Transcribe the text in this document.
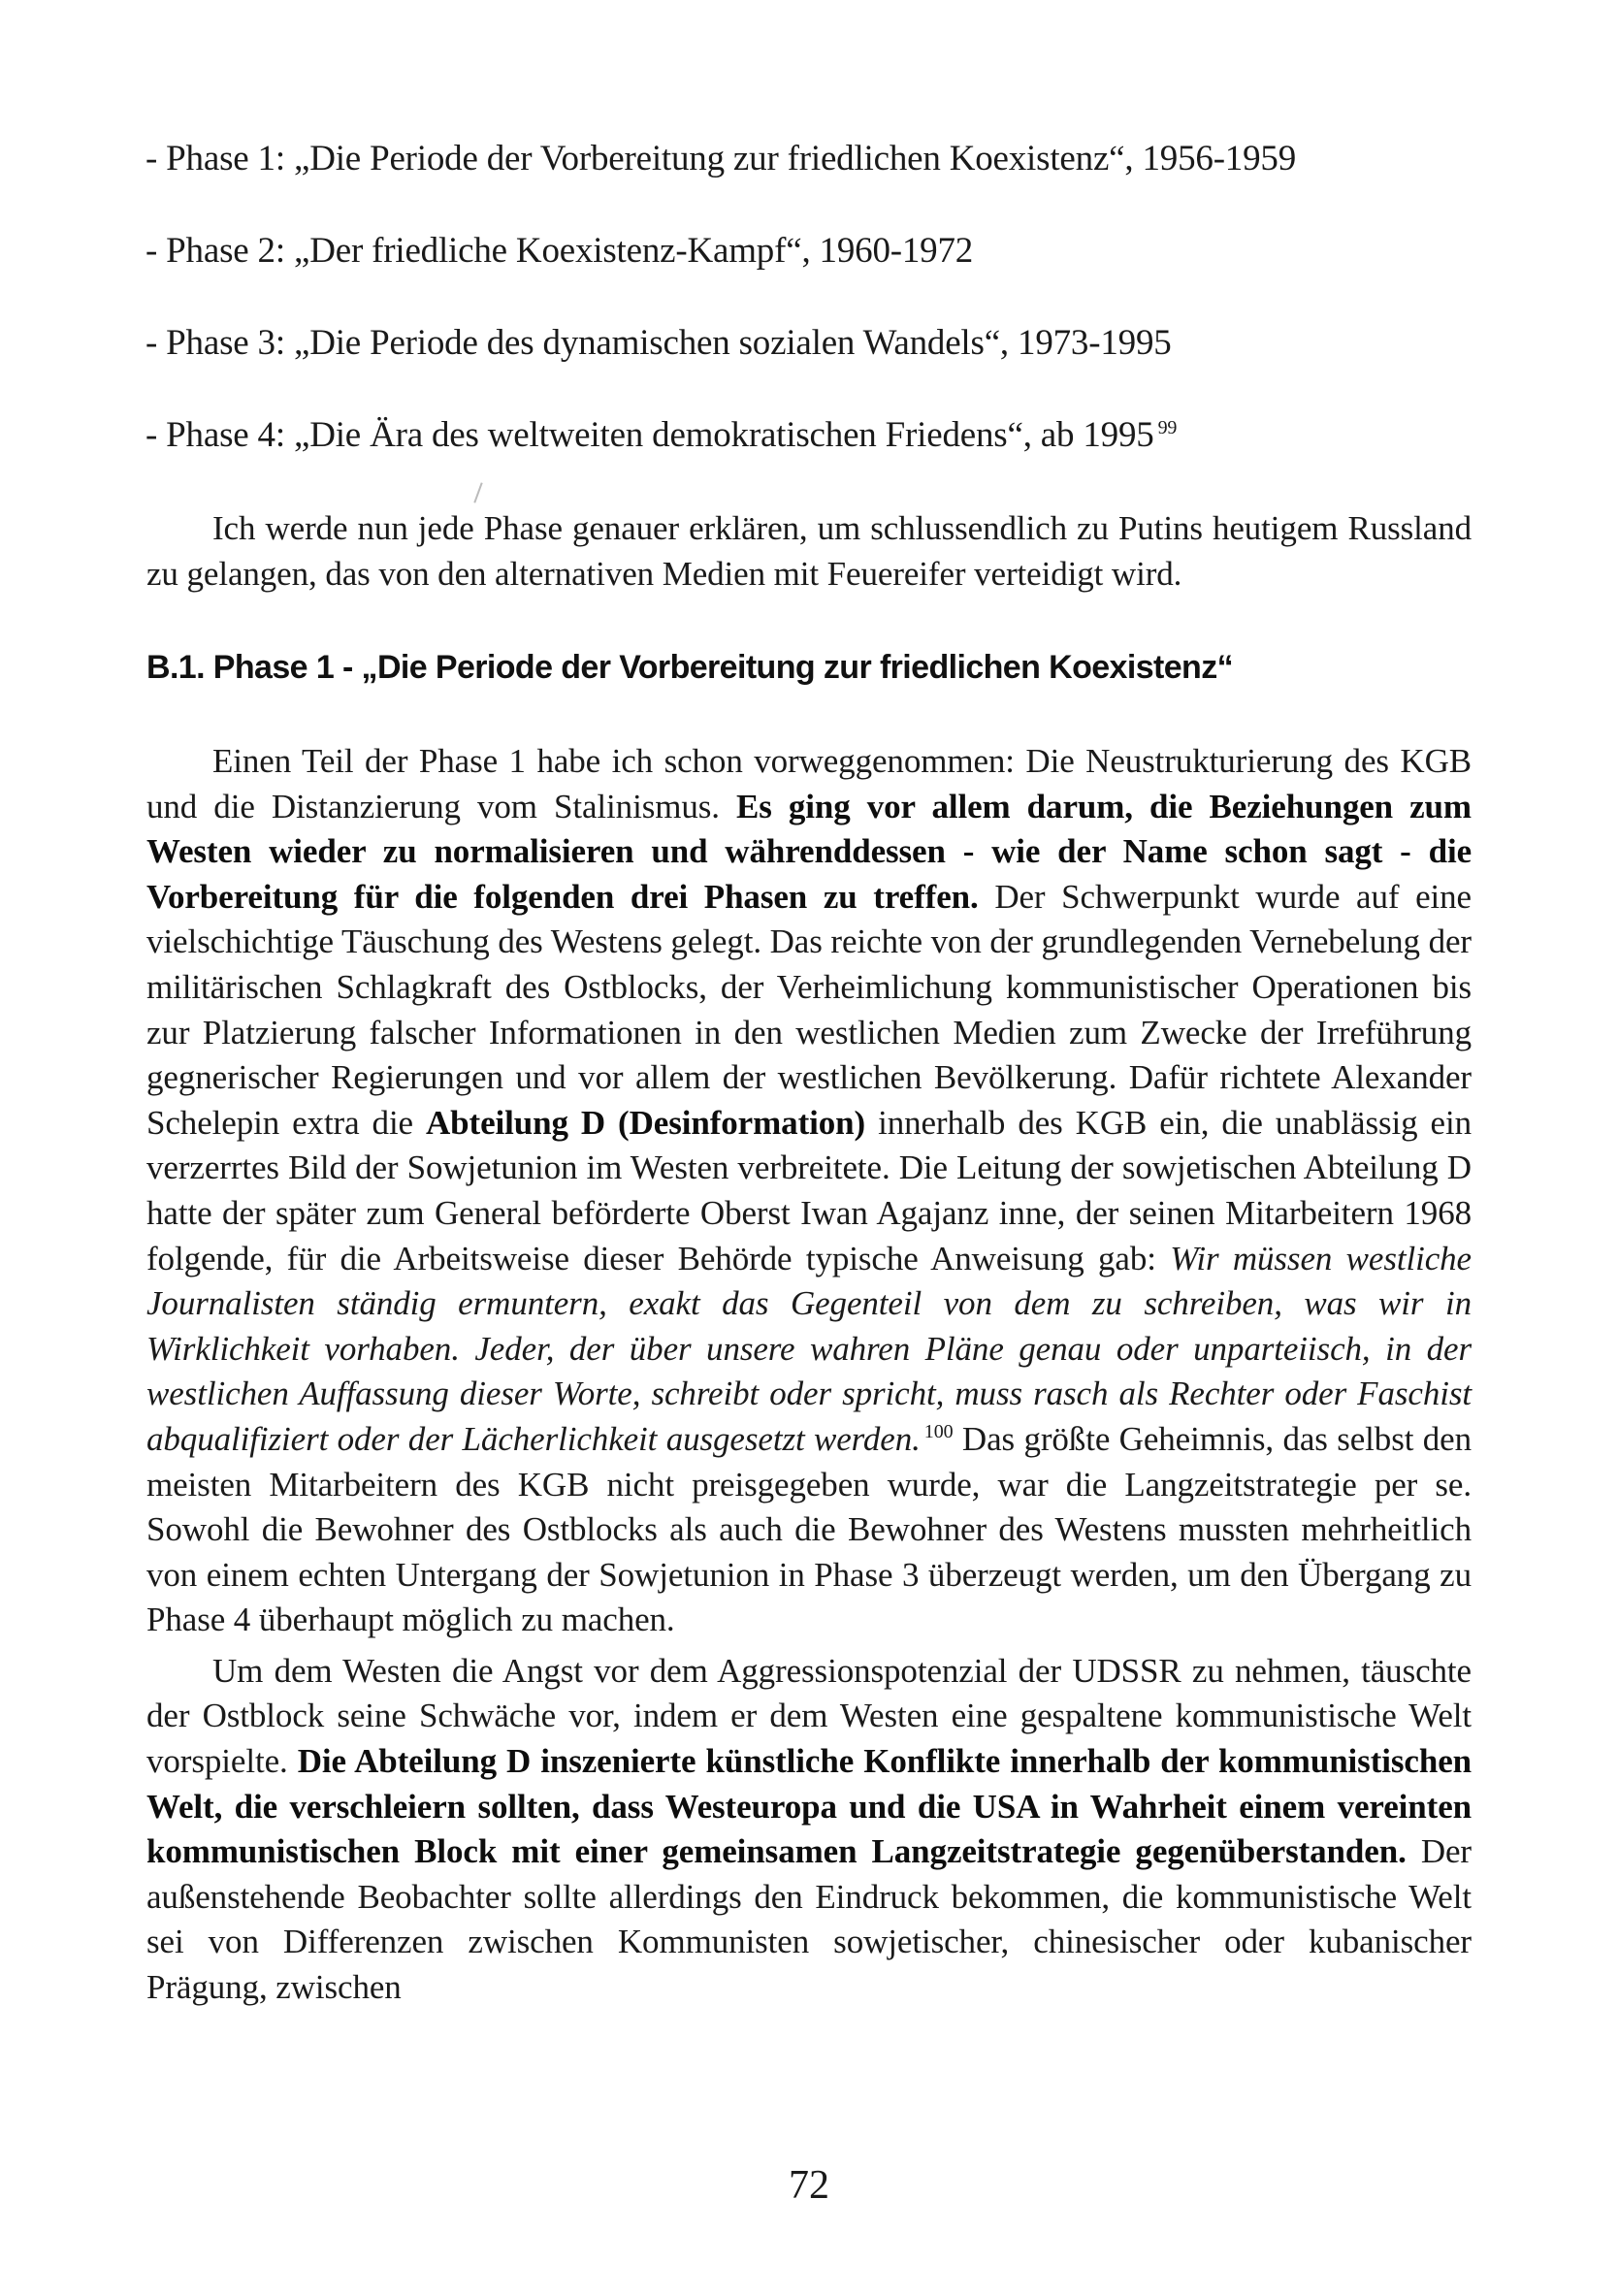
- Phase 1: „Die Periode der Vorbereitung zur friedlichen Koexistenz“, 1956-1959
- Phase 2: „Der friedliche Koexistenz-Kampf“, 1960-1972
- Phase 3: „Die Periode des dynamischen sozialen Wandels“, 1973-1995
- Phase 4: „Die Ära des weltweiten demokratischen Friedens“, ab 1995 $^{99}$

Ich werde nun jede Phase genauer erklären, um schlussendlich zu Putins heutigem Russland zu gelangen, das von den alternativen Medien mit Feuereifer verteidigt wird.

B.1. Phase 1 - „Die Periode der Vorbereitung zur friedlichen Koexistenz“

Einen Teil der Phase 1 habe ich schon vorweggenommen: Die Neustrukturierung des KGB und die Distanzierung vom Stalinismus. Es ging vor allem darum, die Beziehungen zum Westen wieder zu normalisieren und währenddessen - wie der Name schon sagt - die Vorbereitung für die folgenden drei Phasen zu treffen. Der Schwerpunkt wurde auf eine vielschichtige Täuschung des Westens gelegt. Das reichte von der grundlegenden Vernebelung der militärischen Schlagkraft des Ostblocks, der Verheimlichung kommunistischer Operationen bis zur Platzierung falscher Informationen in den westlichen Medien zum Zwecke der Irreführung gegnerischer Regierungen und vor allem der westlichen Bevölkerung. Dafür richtete Alexander Schelepin extra die Abteilung D (Desinformation) innerhalb des KGB ein, die unablässig ein verzerrtes Bild der Sowjetunion im Westen verbreitete. Die Leitung der sowjetischen Abteilung D hatte der später zum General beförderte Oberst Iwan Agajanz inne, der seinen Mitarbeitern 1968 folgende, für die Arbeitsweise dieser Behörde typische Anweisung gab: Wir müssen westliche Journalisten ständig ermuntern, exakt das Gegenteil von dem zu schreiben, was wir in Wirklichkeit vorhaben. Jeder, der über unsere wahren Pläne genau oder unparteiisch, in der westlichen Auffassung dieser Worte, schreibt oder spricht, muss rasch als Rechter oder Faschist abqualifiziert oder der Lächerlichkeit ausgesetzt werden. $^{100}$ Das größte Geheimnis, das selbst den meisten Mitarbeitern des KGB nicht preisgegeben wurde, war die Langzeitstrategie per se. Sowohl die Bewohner des Ostblocks als auch die Bewohner des Westens mussten mehrheitlich von einem echten Untergang der Sowjetunion in Phase 3 überzeugt werden, um den Übergang zu Phase 4 überhaupt möglich zu machen.

Um dem Westen die Angst vor dem Aggressionspotenzial der UDSSR zu nehmen, täuschte der Ostblock seine Schwäche vor, indem er dem Westen eine gespaltene kommunistische Welt vorspielte. Die Abteilung D inszenierte künstliche Konflikte innerhalb der kommunistischen Welt, die verschleiern sollten, dass Westeuropa und die USA in Wahrheit einem vereinten kommunistischen Block mit einer gemeinsamen Langzeitstrategie gegenüberstanden. Der außenstehende Beobachter sollte allerdings den Eindruck bekommen, die kommunistische Welt sei von Differenzen zwischen Kommunisten sowjetischer, chinesischer oder kubanischer Prägung, zwischen

72
